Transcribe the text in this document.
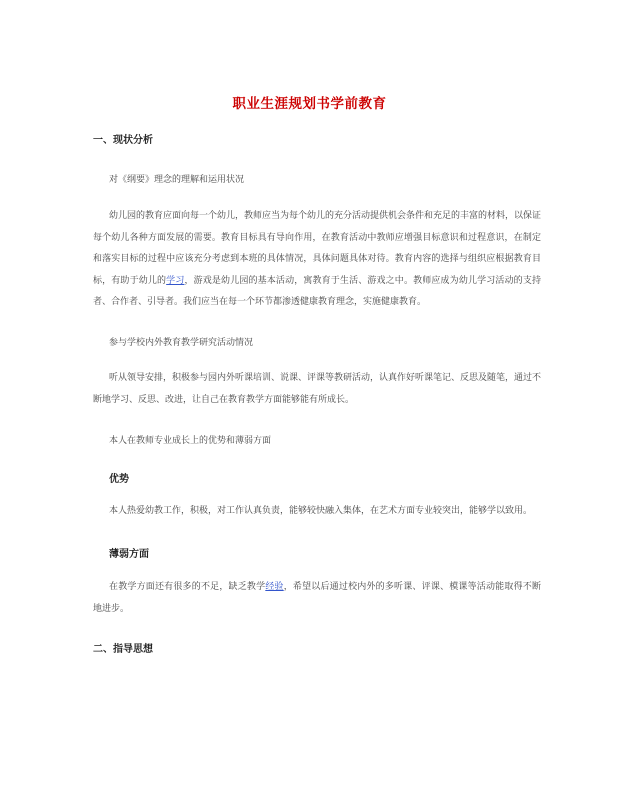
职业生涯规划书学前教育

一、现状分析

对《纲要》理念的理解和运用状况

幼儿园的教育应面向每一个幼儿，教师应当为每个幼儿的充分活动提供机会条件和充足的丰富的材料，以保证每个幼儿各种方面发展的需要。教育目标具有导向作用，在教育活动中教师应增强目标意识和过程意识，在制定和落实目标的过程中应该充分考虑到本班的具体情况，具体问题具体对待。教育内容的选择与组织应根据教育目标，有助于幼儿的学习，游戏是幼儿园的基本活动，寓教育于生活、游戏之中。教师应成为幼儿学习活动的支持者、合作者、引导者。我们应当在每一个环节都渗透健康教育理念，实施健康教育。

参与学校内外教育教学研究活动情况

听从领导安排，积极参与园内外听课培训、说课、评课等教研活动，认真作好听课笔记、反思及随笔，通过不断地学习、反思、改进，让自己在教育教学方面能够能有所成长。

本人在教师专业成长上的优势和薄弱方面

优势

本人热爱幼教工作，积极，对工作认真负责，能够较快融入集体，在艺术方面专业较突出，能够学以致用。

薄弱方面

在教学方面还有很多的不足，缺乏教学经验，希望以后通过校内外的多听课、评课、模课等活动能取得不断地进步。

二、指导思想
